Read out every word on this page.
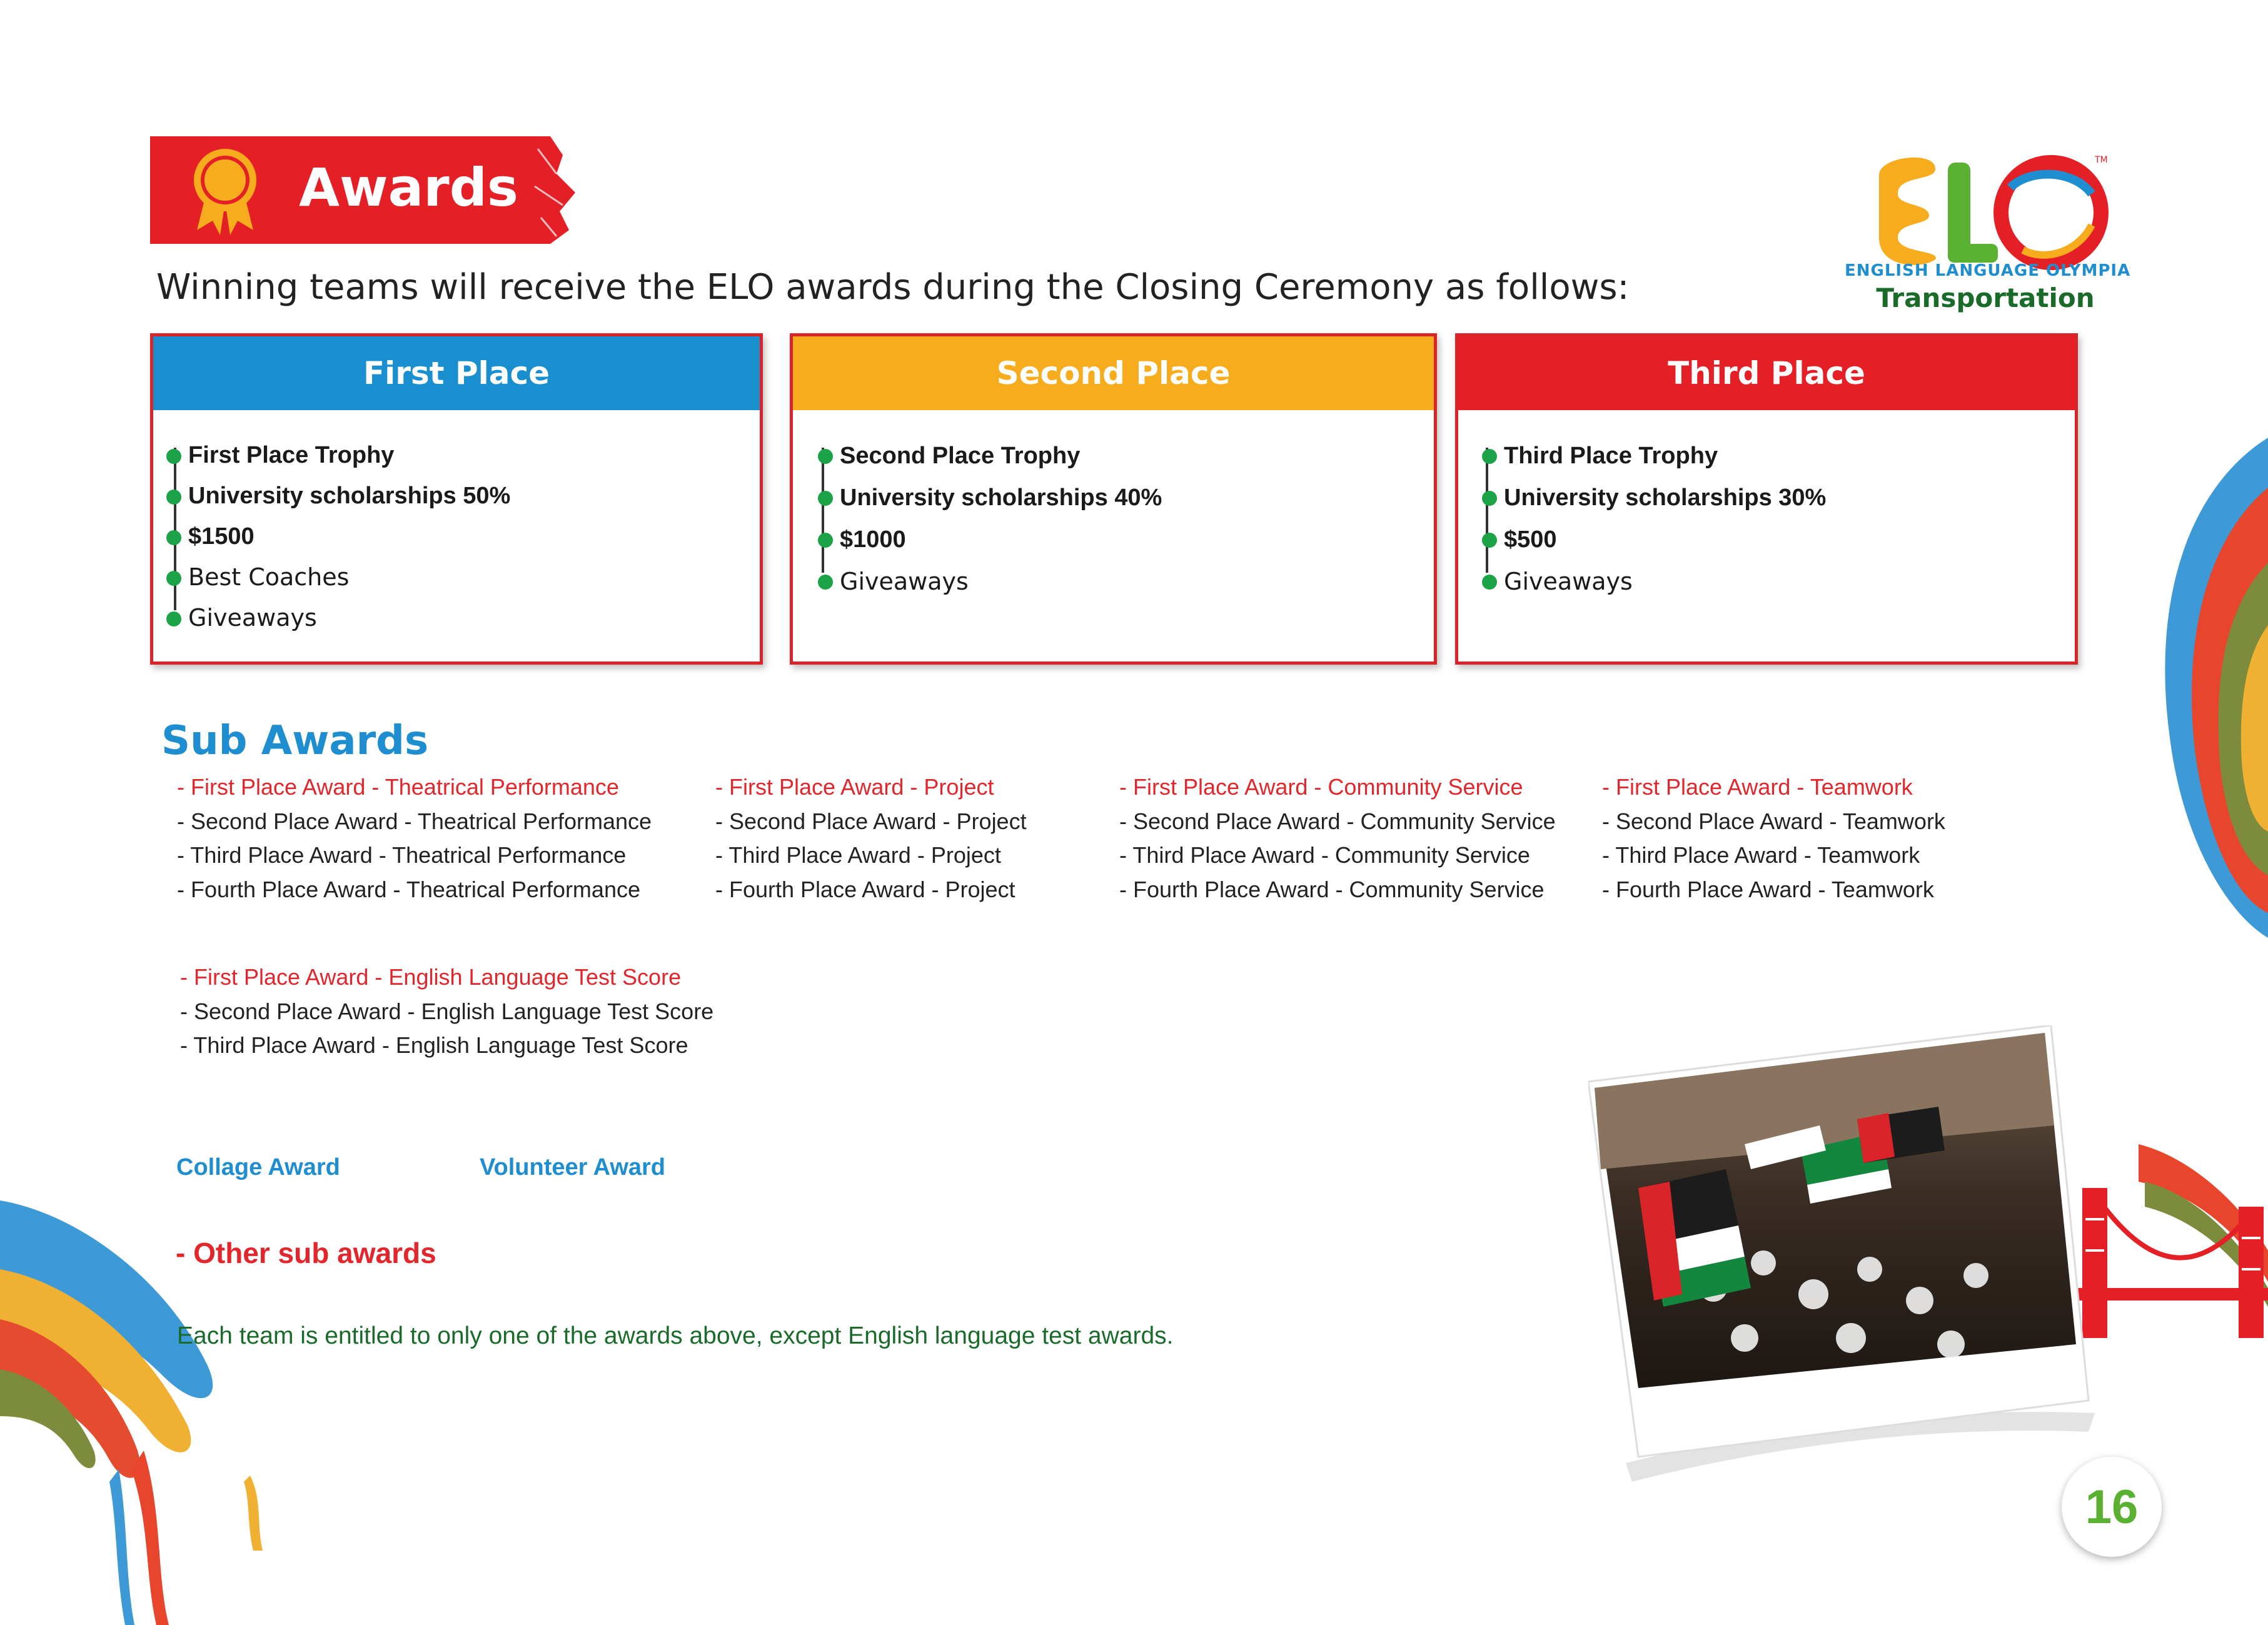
Awards
Winning teams will receive the ELO awards during the Closing Ceremony as follows:
TM
ENGLISH LANGUAGE OLYMPIA
Transportation
First Place
First Place Trophy
University scholarships 50%
$1500
Best Coaches
Giveaways
Second Place
Second Place Trophy
University scholarships 40%
$1000
Giveaways
Third Place
Third Place Trophy
University scholarships 30%
$500
Giveaways
Sub Awards
- First Place Award - Theatrical Performance
- Second Place Award - Theatrical Performance
- Third Place Award - Theatrical Performance
- Fourth Place Award - Theatrical Performance
- First Place Award - Project
- Second Place Award - Project
- Third Place Award - Project
- Fourth Place Award - Project
- First Place Award - Community Service
- Second Place Award - Community Service
- Third Place Award - Community Service
- Fourth Place Award - Community Service
- First Place Award - Teamwork
- Second Place Award - Teamwork
- Third Place Award - Teamwork
- Fourth Place Award - Teamwork
- First Place Award - English Language Test Score
- Second Place Award - English Language Test Score
- Third Place Award - English Language Test Score
Collage Award	Volunteer Award
- Other sub awards
Each team is entitled to only one of the awards above, except English language test awards.
16
